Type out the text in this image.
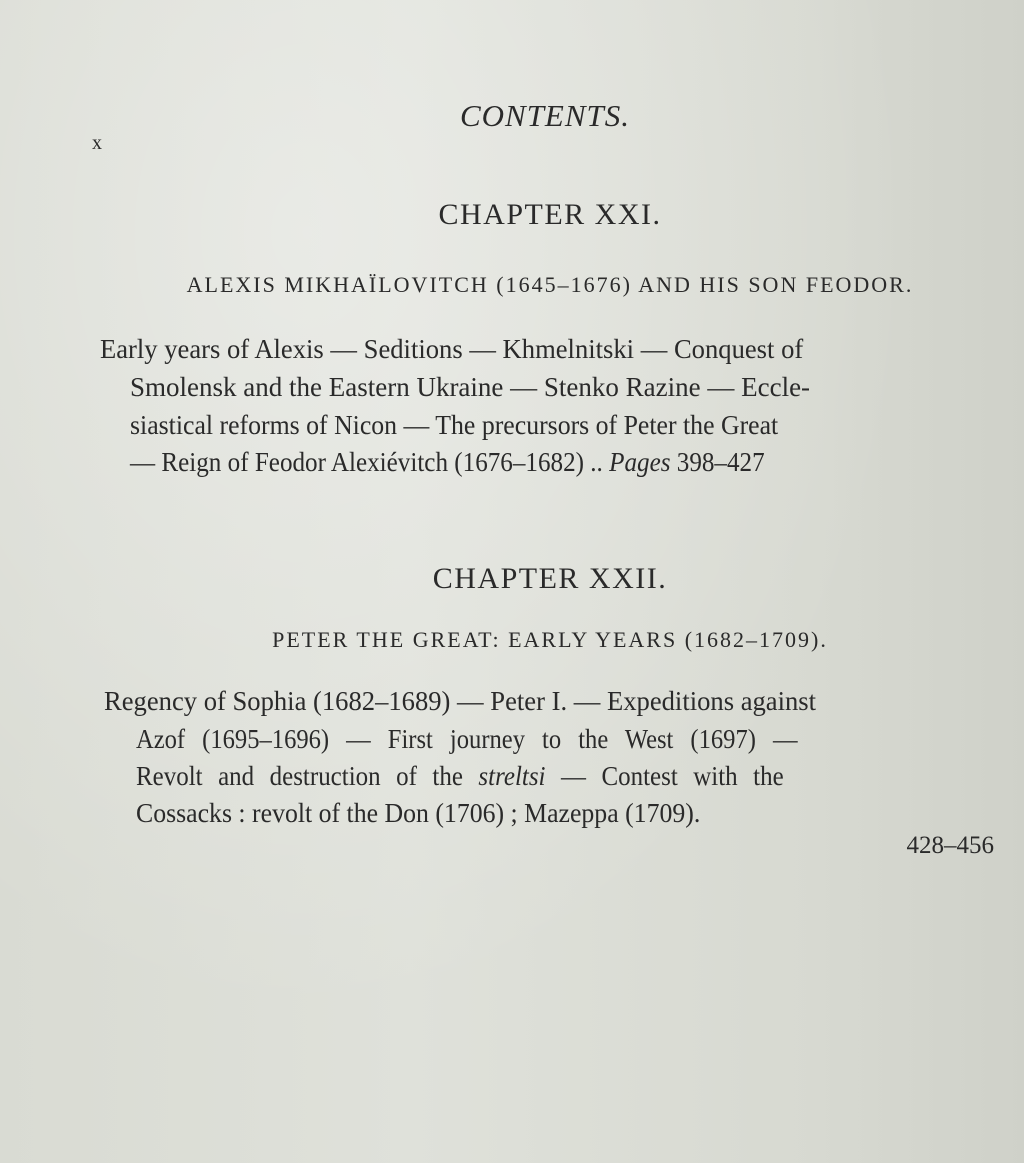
x
CONTENTS.
CHAPTER XXI.
ALEXIS MIKHAÏLOVITCH (1645–1676) AND HIS SON FEODOR.
Early years of Alexis — Seditions — Khmelnitski — Conquest of
Smolensk and the Eastern Ukraine — Stenko Razine — Eccle-
siastical reforms of Nicon — The precursors of Peter the Great
— Reign of Feodor Alexiévitch (1676–1682) .. Pages 398–427
CHAPTER XXII.
PETER THE GREAT: EARLY YEARS (1682–1709).
Regency of Sophia (1682–1689) — Peter I. — Expeditions against
Azof (1695–1696) — First journey to the West (1697) —
Revolt and destruction of the streltsi — Contest with the
Cossacks : revolt of the Don (1706) ; Mazeppa (1709).
428–456
